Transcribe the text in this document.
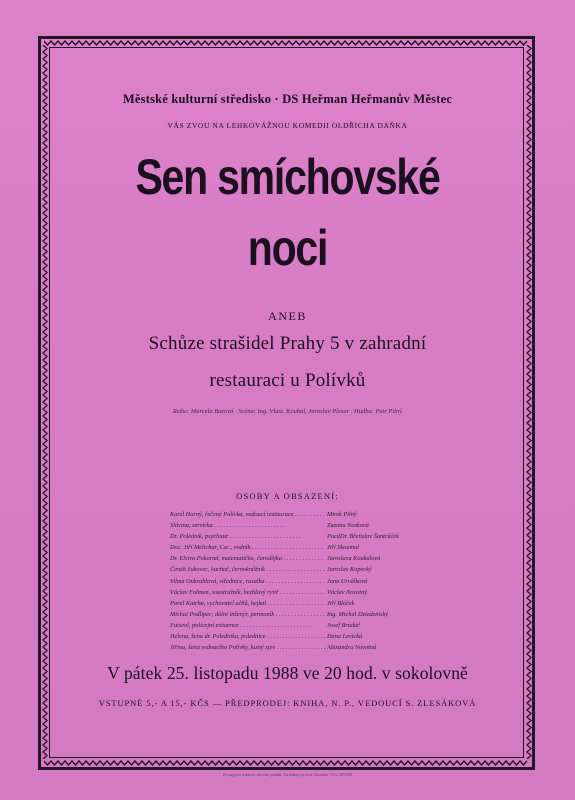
Městské kulturní středisko · DS Heřman Heřmanův Městec
VÁS ZVOU NA LEHKOVÁŽNOU KOMEDII OLDŘICHA DAŇKA
Sen smíchovské
noci
ANEB
Schůze strašidel Prahy 5 v zahradní
restauraci u Polívků
Režie: Marcela Buzová · Scéna: Ing. Vlast. Koubal, Jaroslav Plesar · Hudba: Petr Pilný
OSOBY A OBSAZENÍ:
Karel Horný, řečený Polívka, vedoucí restaurace . . .	Mirek Pilný
Slávina, servírka . . .	Zuzana Nosková
Dr. Polednik, psychiatr . . .	PaedDr. Břetislav Šantrůček
Doc. Jiří Melichar, Csc., vodník . . .	Jiří Skoumal
Dr. Elvira Pokorná, matematička, čarodějka . . .	Jaroslava Koukalová
Čeněk Sukovec, kuchař, černokněžník . . .	Jaroslav Kopecký
Vilma Oukrahlová, středníce, rusalka . . .	Jana Urválková
Václav Folman, soustružník, bezhlavý rytíř . . .	Václav Novotný
Pavel Kutrba, vychovatel učňů, hejkal . . .	Jiří Bláček
Michal Podlipec, důlní inženýr, permoník . . .	Ing. Michal Dziedzinský
Fuiseol, policejní existence . . .	Josef Bradáč
Helena, žena dr. Polednika, polednice . . .	Dana Levická
Jiřina, žena vedoucího Polívky, luzný zjev . . .	Alexandra Novotná
V pátek 25. listopadu 1988 ve 20 hod. v sokolovně
VSTUPNÉ 5,- A 15,- KČS — PŘEDPRODEJ: KNIHA, N. P., VEDOUCÍ S. ZLESÁKOVÁ
Propagační tiskárna, závodní podnik, Pardubice, provoz Chrudim · F.G. 3853/88
